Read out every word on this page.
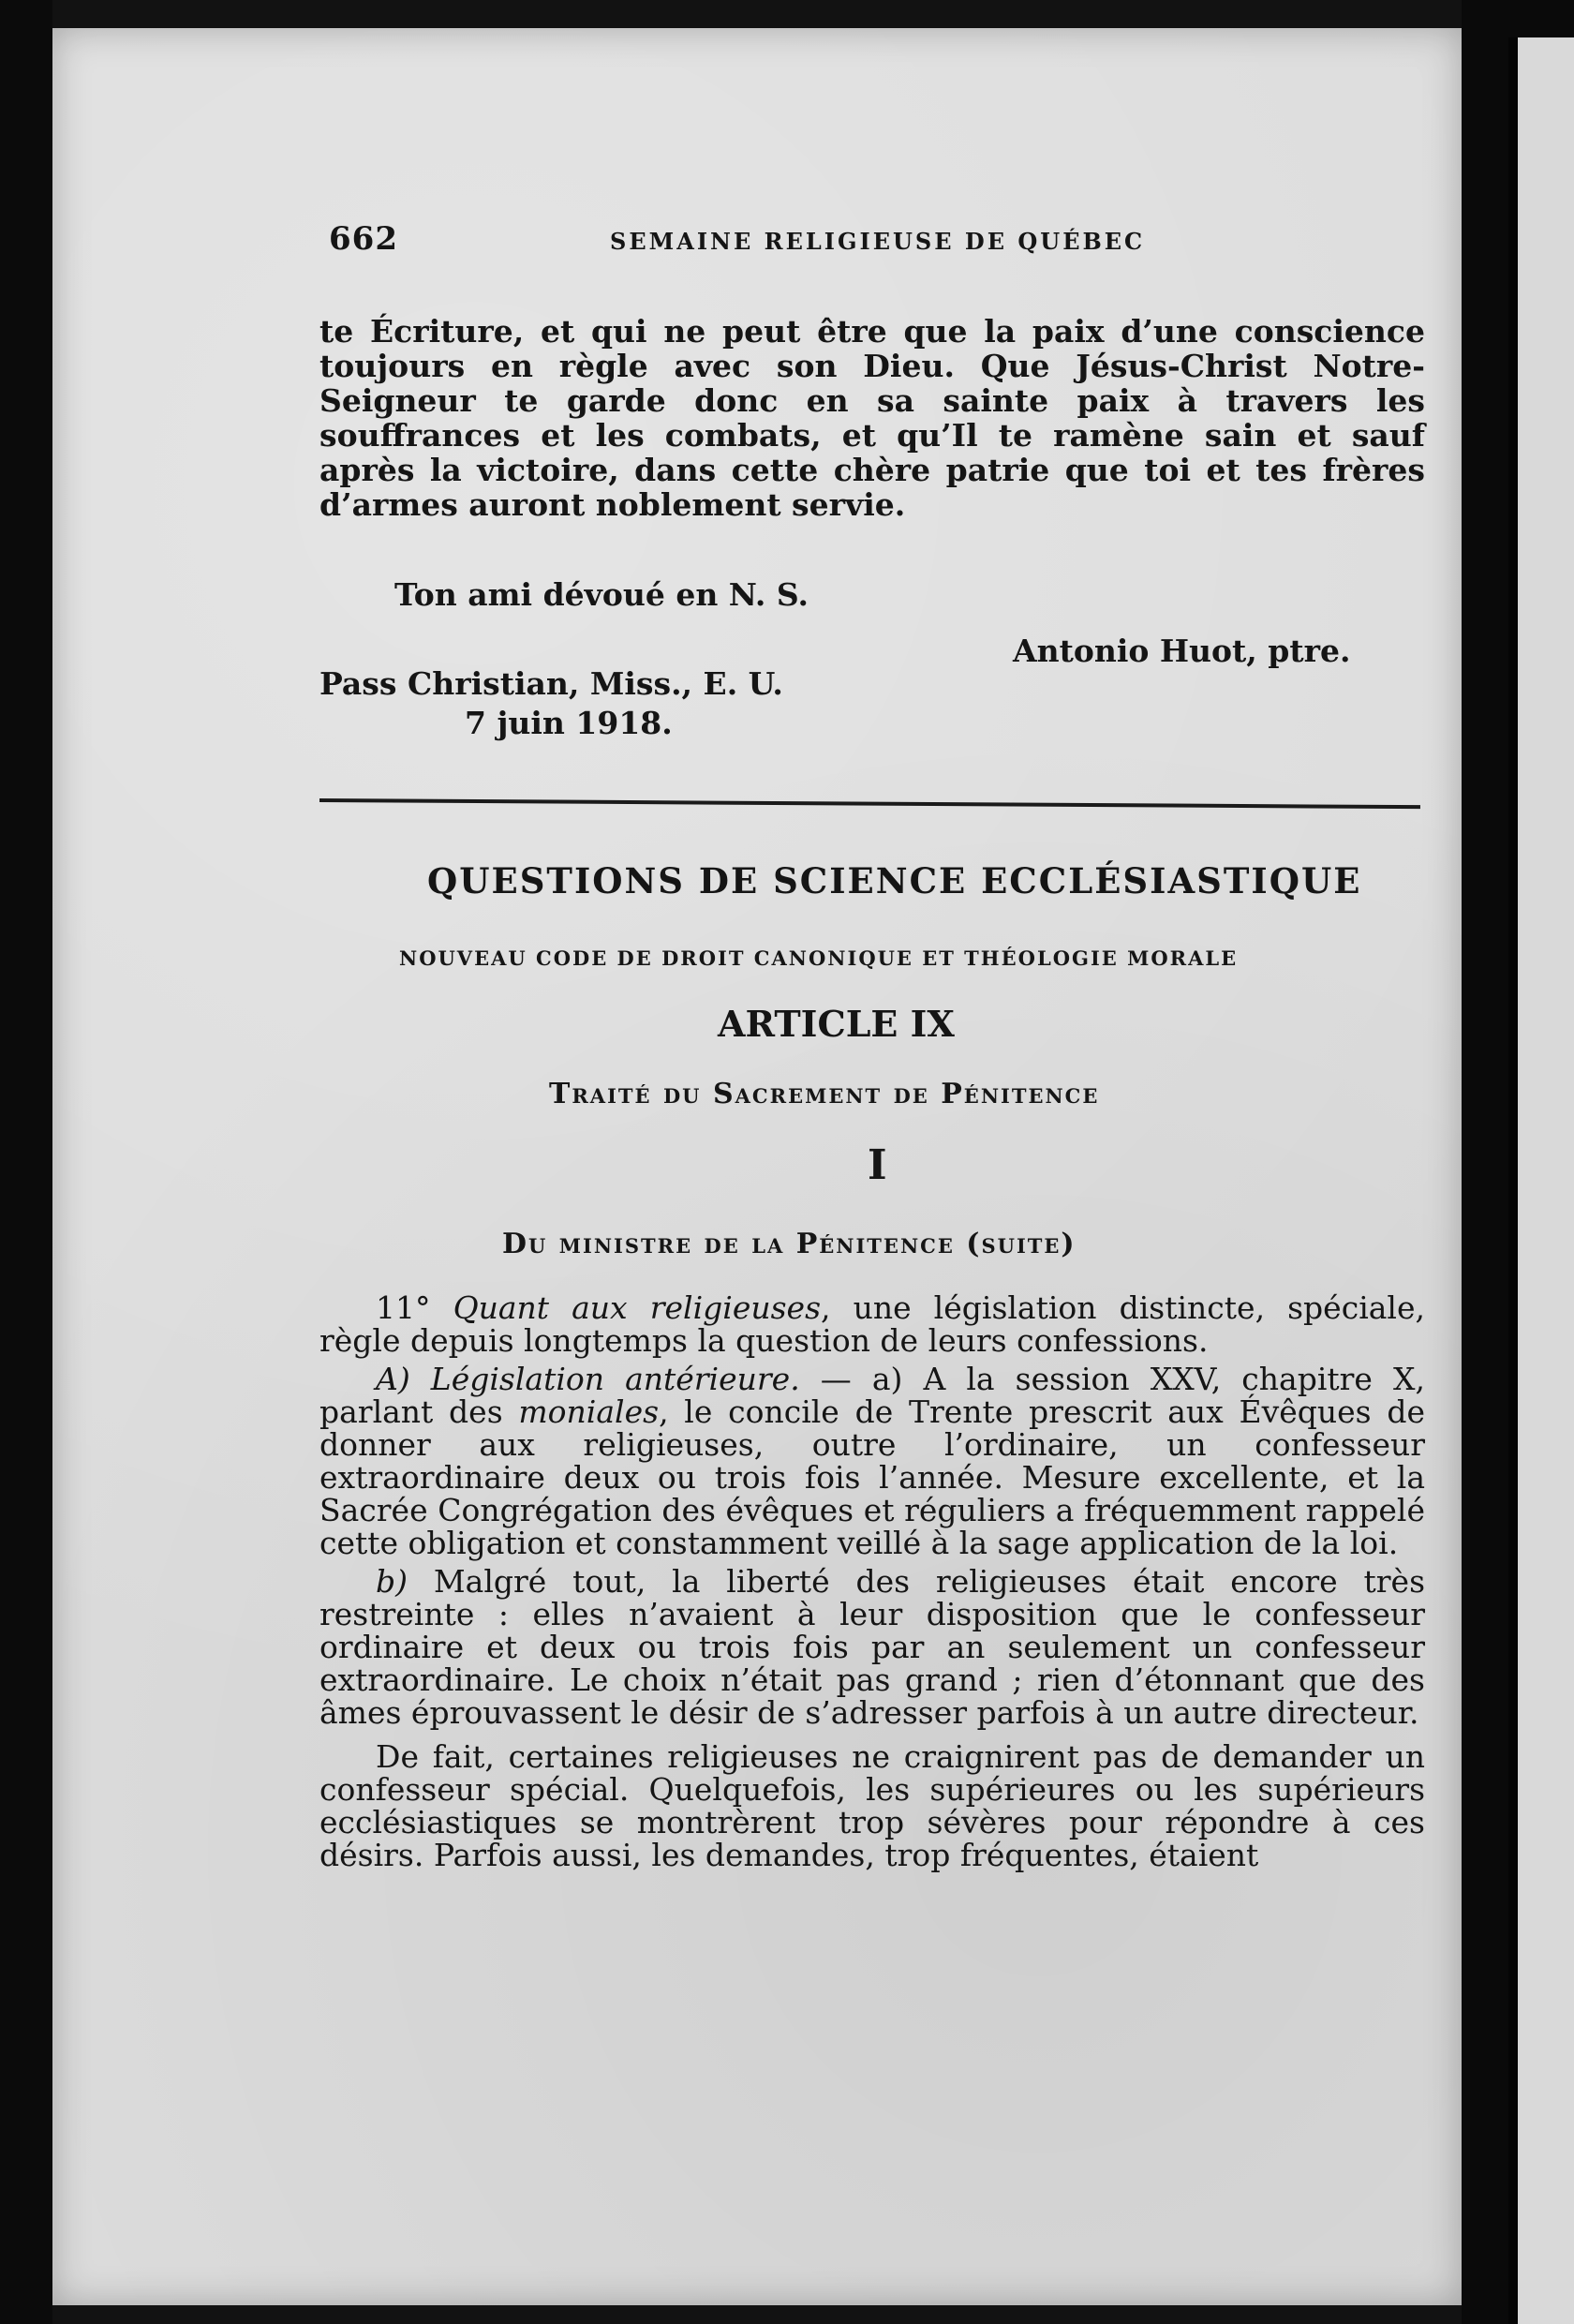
662	SEMAINE RELIGIEUSE DE QUÉBEC

te Écriture, et qui ne peut être que la paix d’une conscience toujours en règle avec son Dieu. Que Jésus-Christ Notre-Seigneur te garde donc en sa sainte paix à travers les souffrances et les combats, et qu’Il te ramène sain et sauf après la victoire, dans cette chère patrie que toi et tes frères d’armes auront noblement servie.

Ton ami dévoué en N. S.
Antonio Huot, ptre.
Pass Christian, Miss., E. U.
7 juin 1918.
QUESTIONS DE SCIENCE ECCLÉSIASTIQUE
NOUVEAU CODE DE DROIT CANONIQUE ET THÉOLOGIE MORALE
ARTICLE IX
Traité du Sacrement de Pénitence
I
Du ministre de la Pénitence (suite)

11° Quant aux religieuses, une législation distincte, spéciale, règle depuis longtemps la question de leurs confessions.

A) Législation antérieure. — a) A la session XXV, chapitre X, parlant des moniales, le concile de Trente prescrit aux Évêques de donner aux religieuses, outre l’ordinaire, un confesseur extraordinaire deux ou trois fois l’année. Mesure excellente, et la Sacrée Congrégation des évêques et réguliers a fréquemment rappelé cette obligation et constamment veillé à la sage application de la loi.

b) Malgré tout, la liberté des religieuses était encore très restreinte : elles n’avaient à leur disposition que le confesseur ordinaire et deux ou trois fois par an seulement un confesseur extraordinaire. Le choix n’était pas grand ; rien d’étonnant que des âmes éprouvassent le désir de s’adresser parfois à un autre directeur.

De fait, certaines religieuses ne craignirent pas de demander un confesseur spécial. Quelquefois, les supérieures ou les supérieurs ecclésiastiques se montrèrent trop sévères pour répondre à ces désirs. Parfois aussi, les demandes, trop fréquentes, étaient
